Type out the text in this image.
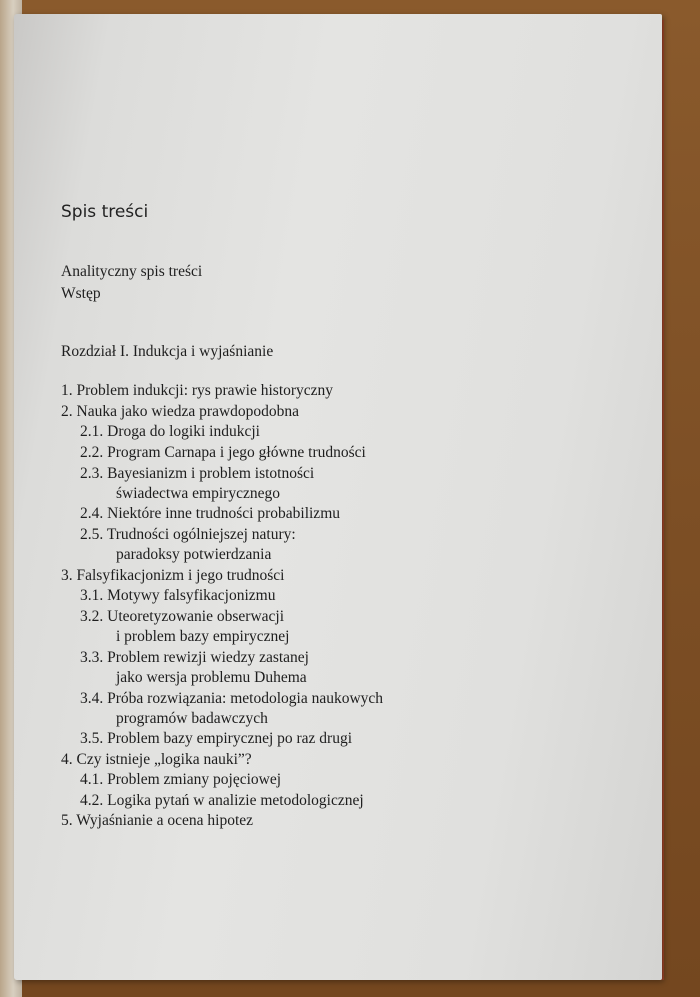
Spis treści
Analityczny spis treści
Wstęp
Rozdział I. Indukcja i wyjaśnianie
1. Problem indukcji: rys prawie historyczny
2. Nauka jako wiedza prawdopodobna
2.1. Droga do logiki indukcji
2.2. Program Carnapa i jego główne trudności
2.3. Bayesianizm i problem istotności
świadectwa empirycznego
2.4. Niektóre inne trudności probabilizmu
2.5. Trudności ogólniejszej natury:
paradoksy potwierdzania
3. Falsyfikacjonizm i jego trudności
3.1. Motywy falsyfikacjonizmu
3.2. Uteoretyzowanie obserwacji
i problem bazy empirycznej
3.3. Problem rewizji wiedzy zastanej
jako wersja problemu Duhema
3.4. Próba rozwiązania: metodologia naukowych
programów badawczych
3.5. Problem bazy empirycznej po raz drugi
4. Czy istnieje „logika nauki”?
4.1. Problem zmiany pojęciowej
4.2. Logika pytań w analizie metodologicznej
5. Wyjaśnianie a ocena hipotez
